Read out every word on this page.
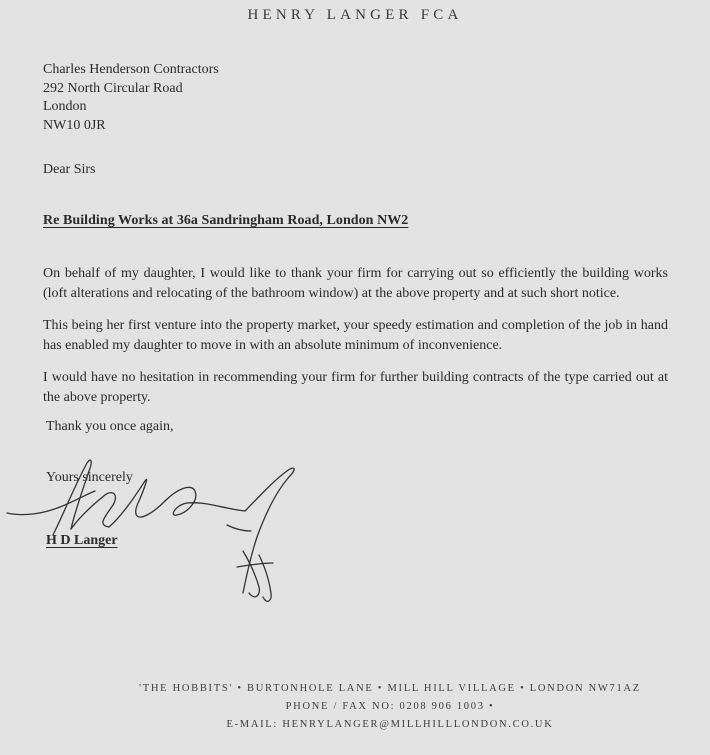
HENRY LANGER FCA
Charles Henderson Contractors
292 North Circular Road
London
NW10 0JR
Dear Sirs
Re Building Works at 36a Sandringham Road, London NW2
On behalf of my daughter, I would like to thank your firm for carrying out so efficiently the building works (loft alterations and relocating of the bathroom window) at the above property and at such short notice.
This being her first venture into the property market, your speedy estimation and completion of the job in hand has enabled my daughter to move in with an absolute minimum of inconvenience.
I would have no hesitation in recommending your firm for further building contracts of the type carried out at the above property.
Thank you once again,
Yours sincerely
H D Langer
'THE HOBBITS' • BURTONHOLE LANE • MILL HILL VILLAGE • LONDON NW71AZ
PHONE / FAX NO: 0208 906 1003 •
E-MAIL: HENRYLANGER@MILLHILLLONDON.CO.UK
